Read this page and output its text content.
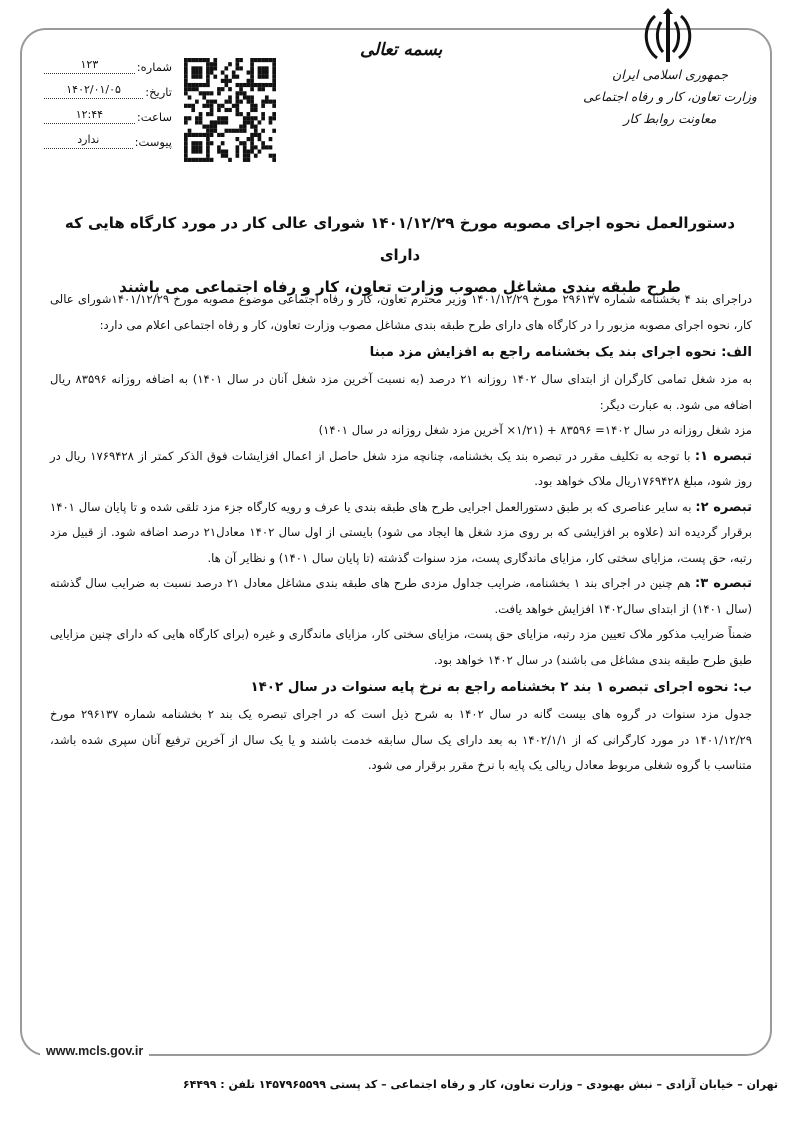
جمهوری اسلامی ایران
وزارت تعاون، کار و رفاه اجتماعی
معاونت روابط کار
بسمه تعالی
شماره:
۱۲۳
تاریخ:
۱۴۰۲/۰۱/۰۵
ساعت:
۱۲:۴۴
پیوست:
ندارد
دستورالعمل نحوه اجرای مصوبه مورخ ۱۴۰۱/۱۲/۲۹ شورای عالی کار در مورد کارگاه هایی که دارای
طرح طبقه بندی مشاغل مصوب وزارت تعاون، کار و رفاه اجتماعی می باشند

دراجرای بند ۴ بخشنامه شماره ۲۹۶۱۳۷ مورخ ۱۴۰۱/۱۲/۲۹ وزیر محترم تعاون، کار و رفاه اجتماعی موضوع مصوبه مورخ ۱۴۰۱/۱۲/۲۹شورای عالی کار، نحوه اجرای مصوبه مزبور را در کارگاه های دارای طرح طبقه بندی مشاغل مصوب وزارت تعاون، کار و رفاه اجتماعی اعلام می دارد:

الف: نحوه اجرای بند یک بخشنامه راجع به افزایش مزد مبنا

به مزد شغل تمامی کارگران از ابتدای سال ۱۴۰۲ روزانه ۲۱ درصد (به نسبت آخرین مزد شغل آنان در سال ۱۴۰۱) به اضافه روزانه ۸۳۵۹۶ ریال اضافه می شود. به عبارت دیگر:

مزد شغل روزانه در سال ۱۴۰۲= ۸۳۵۹۶ + (۱/۲۱× آخرین مزد شغل روزانه در سال ۱۴۰۱)

تبصره ۱: با توجه به تکلیف مقرر در تبصره بند یک بخشنامه، چنانچه مزد شغل حاصل از اعمال افزایشات فوق الذکر کمتر از ۱۷۶۹۴۲۸ ریال در روز شود، مبلغ ۱۷۶۹۴۲۸ریال ملاک خواهد بود.

تبصره ۲: به سایر عناصری که بر طبق دستورالعمل اجرایی طرح های طبقه بندی یا عرف و رویه کارگاه جزء مزد تلقی شده و تا پایان سال ۱۴۰۱ برقرار گردیده اند (علاوه بر افزایشی که بر روی مزد شغل ها ایجاد می شود) بایستی از اول سال ۱۴۰۲ معادل۲۱ درصد اضافه شود. از قبیل مزد رتبه، حق پست، مزایای سختی کار، مزایای ماندگاری پست، مزد سنوات گذشته (تا پایان سال ۱۴۰۱) و نظایر آن ها.

تبصره ۳: هم چنین در اجرای بند ۱ بخشنامه، ضرایب جداول مزدی طرح های طبقه بندی مشاغل معادل ۲۱ درصد نسبت به ضرایب سال گذشته (سال ۱۴۰۱) از ابتدای سال۱۴۰۲ افزایش خواهد یافت.

ضمناً ضرایب مذکور ملاک تعیین مزد رتبه، مزایای حق پست، مزایای سختی کار، مزایای ماندگاری و غیره (برای کارگاه هایی که دارای چنین مزایایی طبق طرح طبقه بندی مشاغل می باشند) در سال ۱۴۰۲ خواهد بود.

ب: نحوه اجرای تبصره ۱ بند ۲ بخشنامه راجع به نرخ پایه سنوات در سال ۱۴۰۲

جدول مزد سنوات در گروه های بیست گانه در سال ۱۴۰۲ به شرح ذیل است که در اجرای تبصره یک بند ۲ بخشنامه شماره ۲۹۶۱۳۷ مورخ ۱۴۰۱/۱۲/۲۹ در مورد کارگرانی که از ۱۴۰۲/۱/۱ به بعد دارای یک سال سابقه خدمت باشند و یا یک سال از آخرین ترفیع آنان سپری شده باشد، متناسب با گروه شغلی مربوط معادل ریالی یک پایه با نرخ مقرر برقرار می شود.

www.mcls.gov.ir
تهران – خیابان آزادی – نبش بهبودی – وزارت تعاون، کار و رفاه اجتماعی – کد پستی ۱۴۵۷۹۶۵۵۹۹ تلفن : ۶۴۴۹۹
